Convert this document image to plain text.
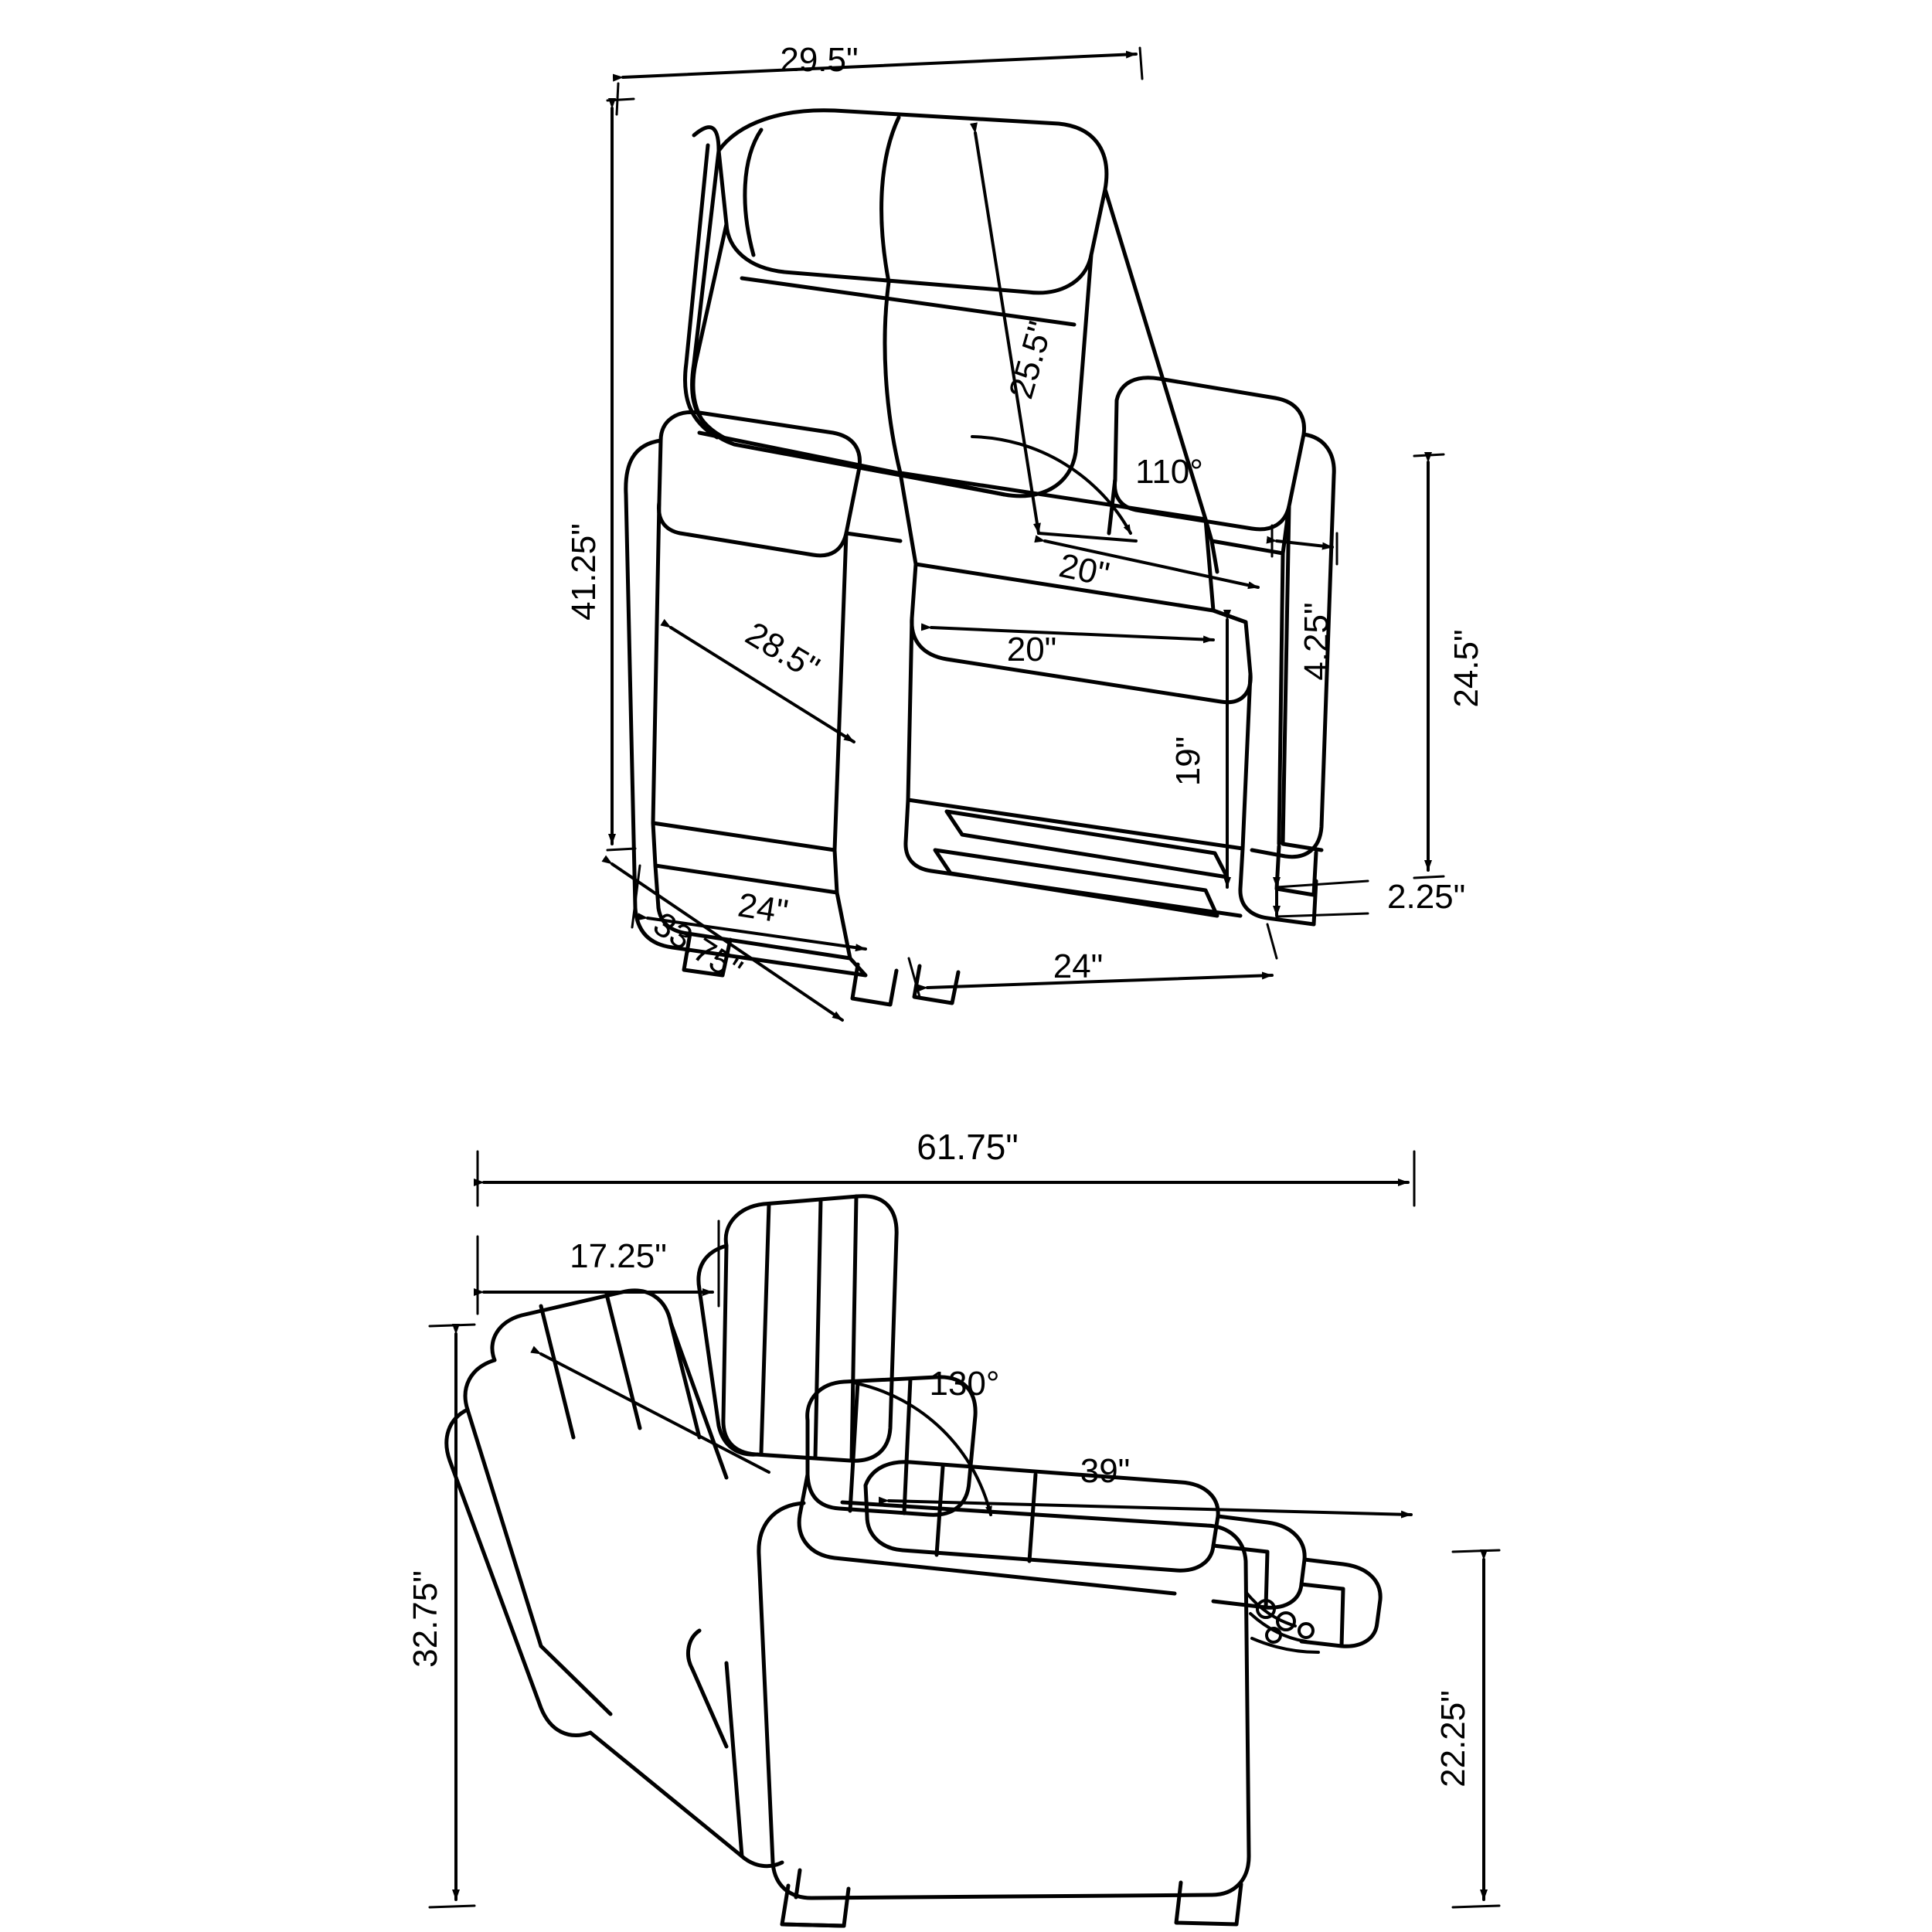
29.5"
41.25"
25.5"
110°
20"
20"	4.25"	24.5"
28.5"
19"
2.25"
24"
33.75"	24"
61.75"
17.25"
32.75"
130°
39"
22.25"
